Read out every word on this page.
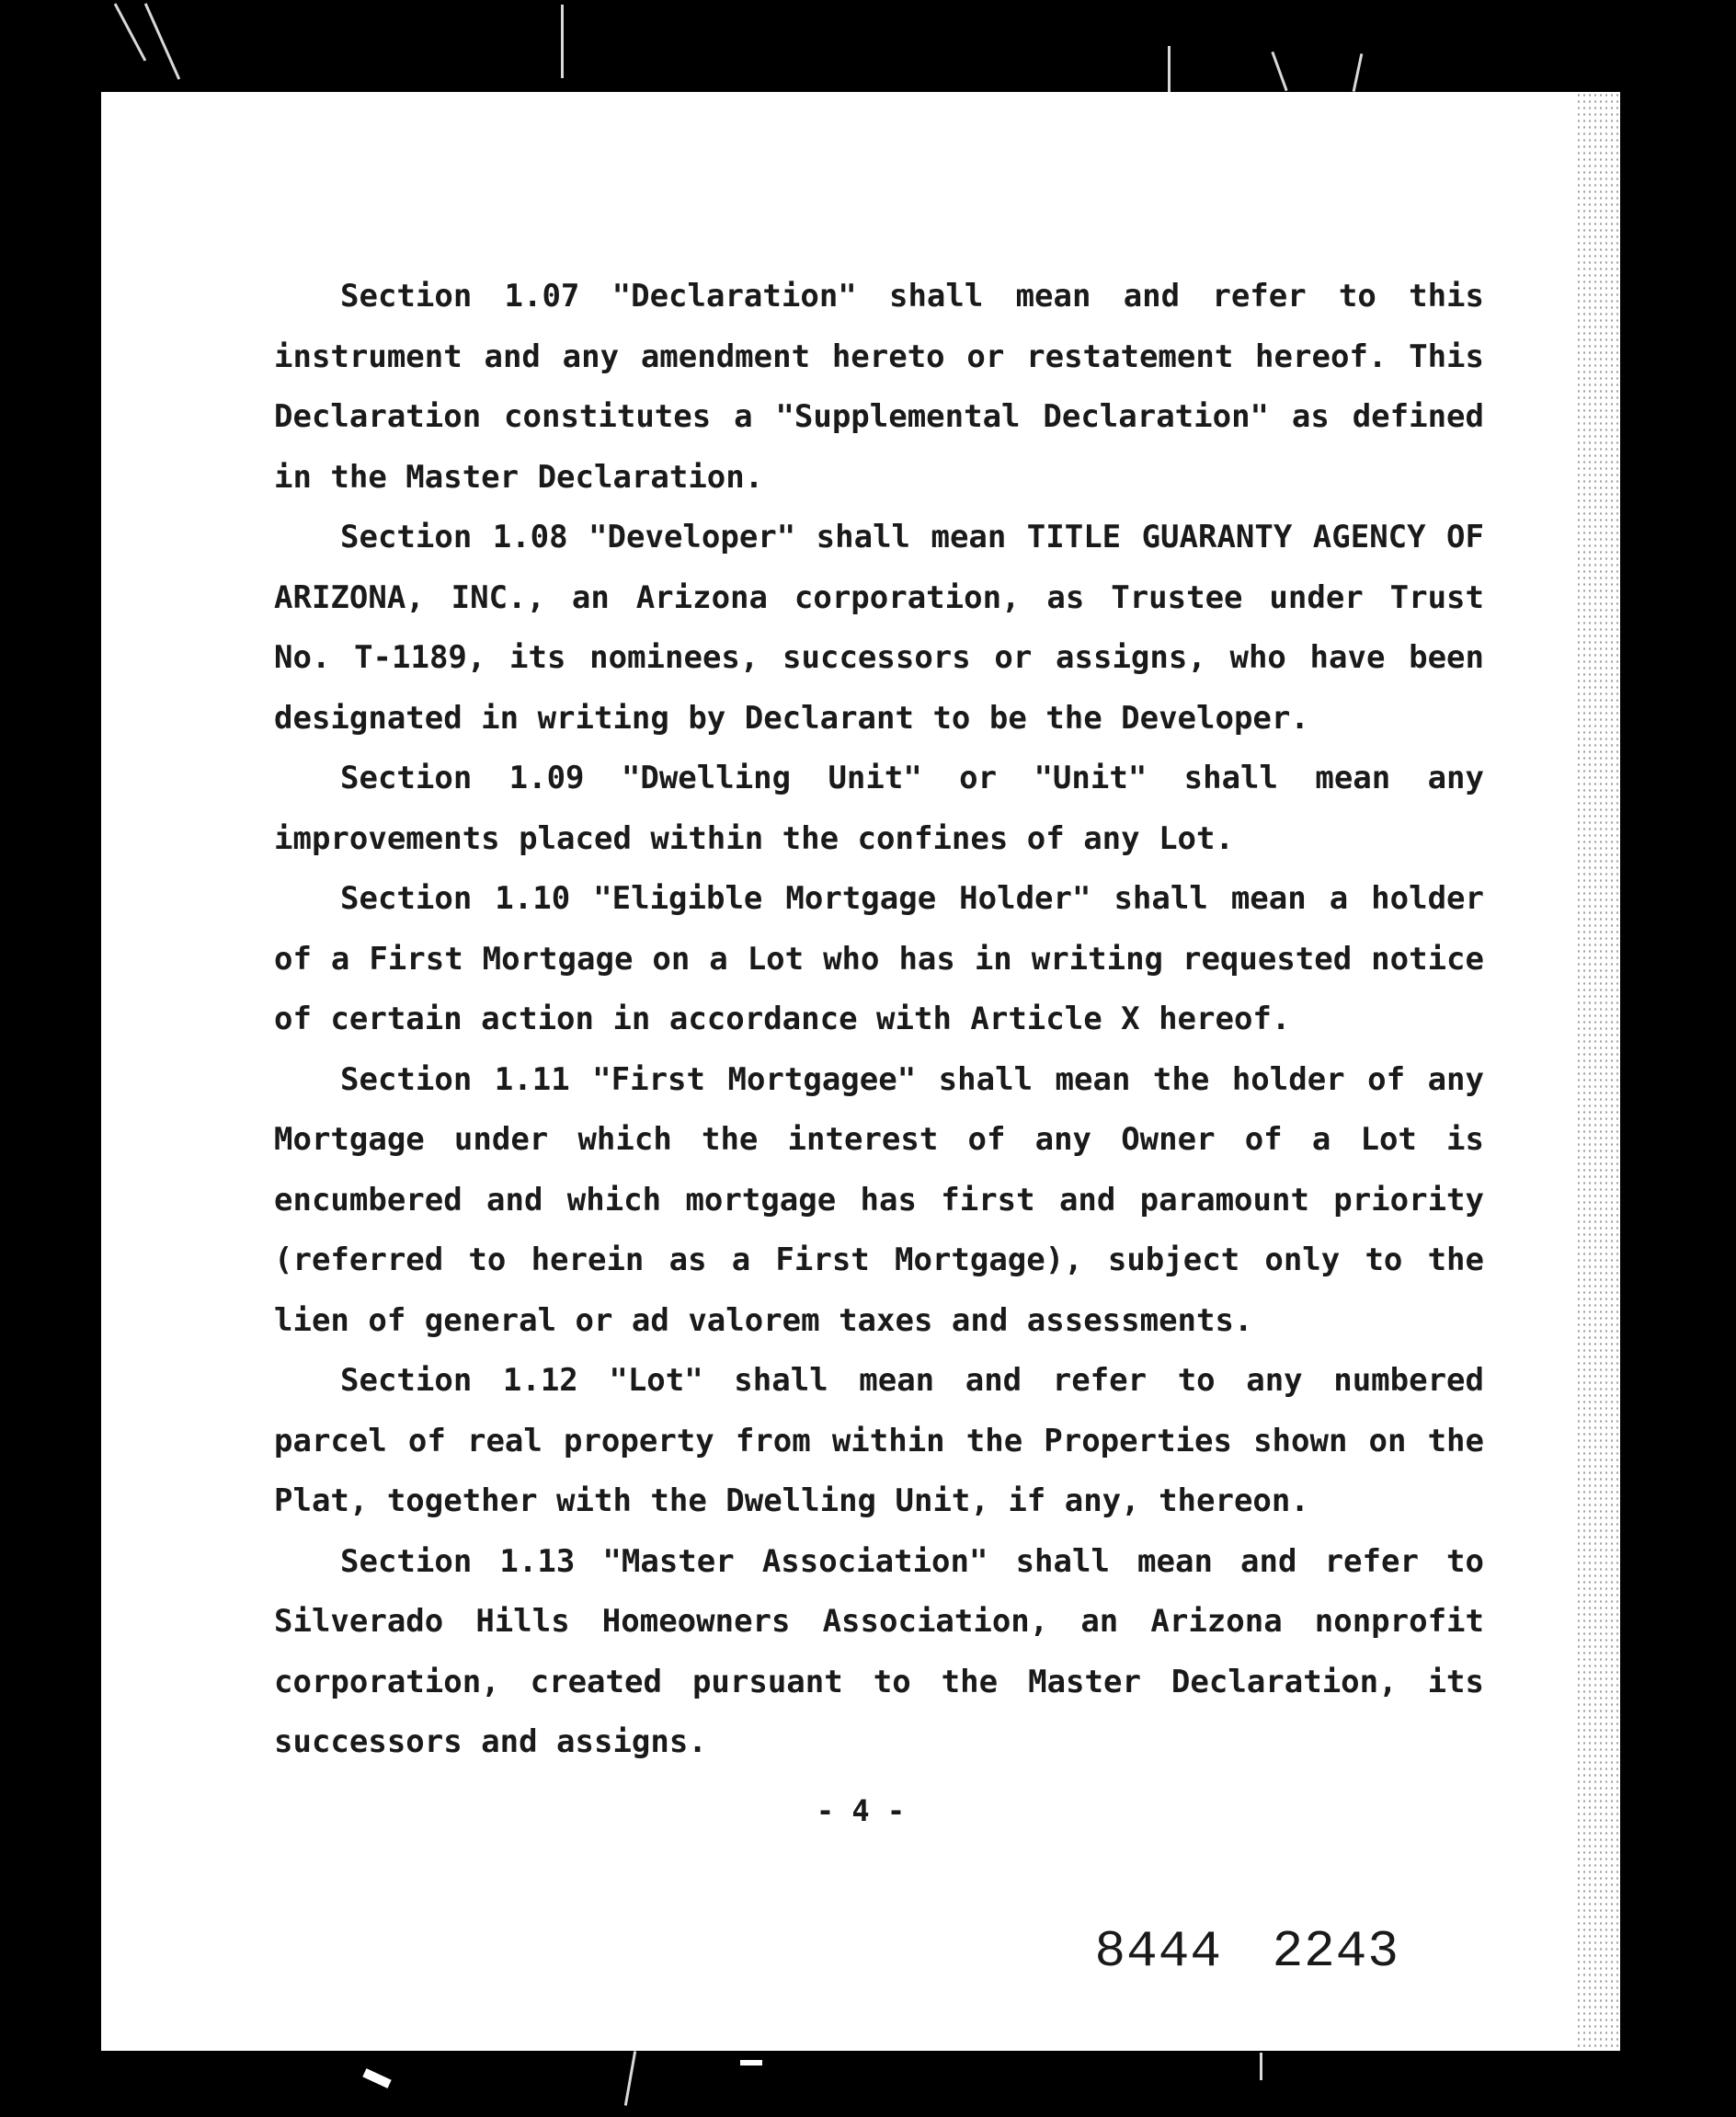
Section 1.07 "Declaration" shall mean and refer to this instrument and any amendment hereto or restatement hereof. This Declaration constitutes a "Supplemental Declaration" as defined in the Master Declaration.

Section 1.08 "Developer" shall mean TITLE GUARANTY AGENCY OF ARIZONA, INC., an Arizona corporation, as Trustee under Trust No. T-1189, its nominees, successors or assigns, who have been designated in writing by Declarant to be the Developer.

Section 1.09 "Dwelling Unit" or "Unit" shall mean any improvements placed within the confines of any Lot.

Section 1.10 "Eligible Mortgage Holder" shall mean a holder of a First Mortgage on a Lot who has in writing requested notice of certain action in accordance with Article X hereof.

Section 1.11 "First Mortgagee" shall mean the holder of any Mortgage under which the interest of any Owner of a Lot is encumbered and which mortgage has first and paramount priority (referred to herein as a First Mortgage), subject only to the lien of general or ad valorem taxes and assessments.

Section 1.12 "Lot" shall mean and refer to any numbered parcel of real property from within the Properties shown on the Plat, together with the Dwelling Unit, if any, thereon.

Section 1.13 "Master Association" shall mean and refer to Silverado Hills Homeowners Association, an Arizona nonprofit corporation, created pursuant to the Master Declaration, its successors and assigns.

- 4 -
8444 2243
